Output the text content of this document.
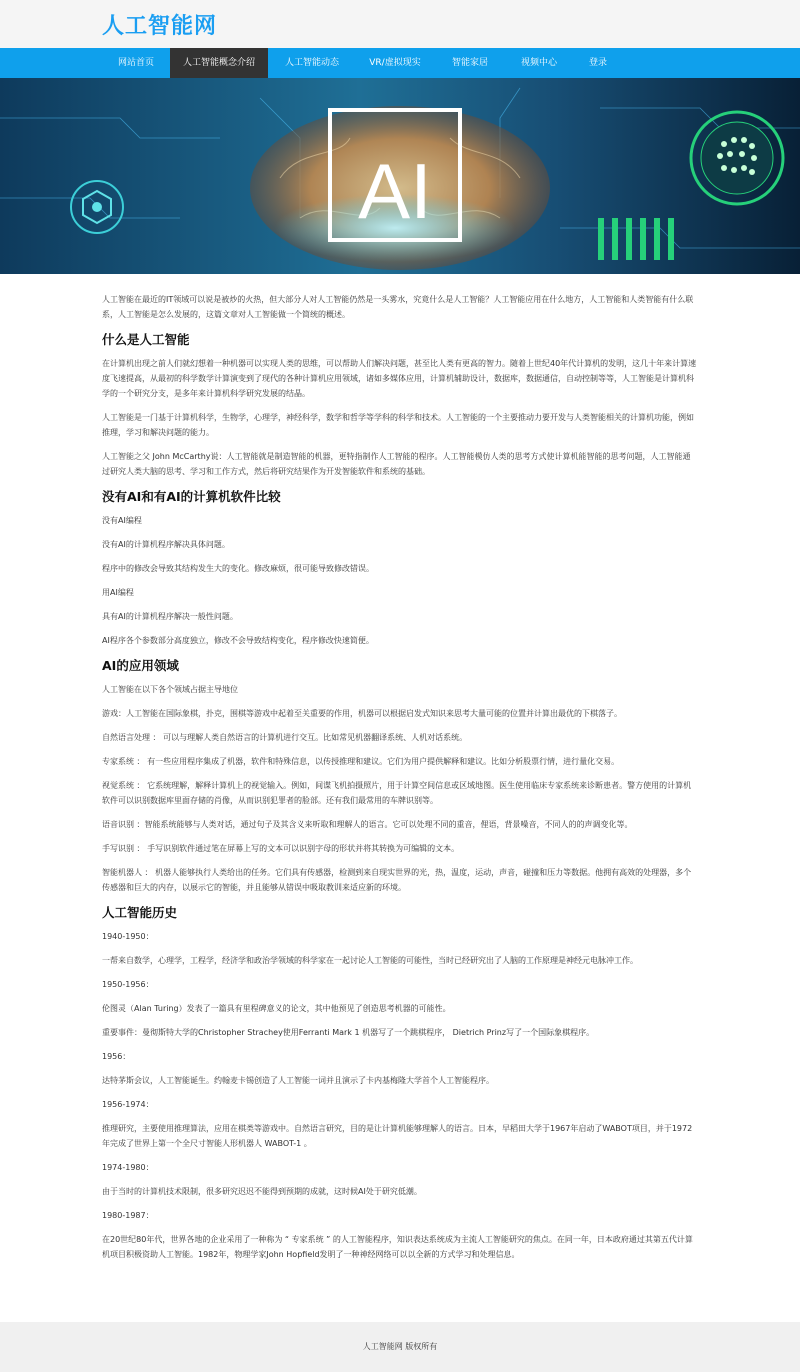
人工智能网
网站首页	人工智能概念介绍	人工智能动态	VR/虚拟现实	智能家居	视频中心	登录
AI

人工智能在最近的IT领域可以说是被炒的火热，但大部分人对人工智能仍然是一头雾水，究竟什么是人工智能？人工智能应用在什么地方，人工智能和人类智能有什么联系，人工智能是怎么发展的，这篇文章对人工智能做一个简统的概述。

什么是人工智能

在计算机出现之前人们就幻想着一种机器可以实现人类的思维，可以帮助人们解决问题，甚至比人类有更高的智力。随着上世纪40年代计算机的发明，这几十年来计算速度飞速提高，从最初的科学数学计算演变到了现代的各种计算机应用领域，诸如多媒体应用，计算机辅助设计，数据库，数据通信，自动控制等等，人工智能是计算机科学的一个研究分支，是多年来计算机科学研究发展的结晶。

人工智能是一门基于计算机科学，生物学，心理学，神经科学，数学和哲学等学科的科学和技术。人工智能的一个主要推动力要开发与人类智能相关的计算机功能，例如推理，学习和解决问题的能力。

人工智能之父 John McCarthy说：人工智能就是制造智能的机器，更特指制作人工智能的程序。人工智能模仿人类的思考方式使计算机能智能的思考问题，人工智能通过研究人类大脑的思考、学习和工作方式，然后将研究结果作为开发智能软件和系统的基础。

没有AI和有AI的计算机软件比较

没有AI编程

没有AI的计算机程序解决具体问题。

程序中的修改会导致其结构发生大的变化。修改麻烦，很可能导致修改错误。

用AI编程

具有AI的计算机程序解决一般性问题。

AI程序各个参数部分高度独立，修改不会导致结构变化，程序修改快速简便。

AI的应用领域

人工智能在以下各个领域占据主导地位

游戏：人工智能在国际象棋，扑克，围棋等游戏中起着至关重要的作用，机器可以根据启发式知识来思考大量可能的位置并计算出最优的下棋落子。

自然语言处理 ： 可以与理解人类自然语言的计算机进行交互。比如常见机器翻译系统、人机对话系统。

专家系统 ： 有一些应用程序集成了机器，软件和特殊信息，以传授推理和建议。它们为用户提供解释和建议。比如分析股票行情，进行量化交易。

视觉系统 ： 它系统理解，解释计算机上的视觉输入。例如，间谍飞机拍摄照片，用于计算空间信息或区域地图。医生使用临床专家系统来诊断患者。警方使用的计算机软件可以识别数据库里面存储的肖像，从而识别犯罪者的脸部。还有我们最常用的车牌识别等。

语音识别 ：智能系统能够与人类对话，通过句子及其含义来听取和理解人的语言。它可以处理不同的重音，俚语，背景噪音，不同人的的声调变化等。

手写识别 ： 手写识别软件通过笔在屏幕上写的文本可以识别字母的形状并将其转换为可编辑的文本。

智能机器人 ： 机器人能够执行人类给出的任务。它们具有传感器，检测到来自现实世界的光，热，温度，运动，声音，碰撞和压力等数据。他拥有高效的处理器，多个传感器和巨大的内存，以展示它的智能，并且能够从错误中吸取教训来适应新的环境。

人工智能历史

1940-1950：

一帮来自数学，心理学，工程学，经济学和政治学领域的科学家在一起讨论人工智能的可能性，当时已经研究出了人脑的工作原理是神经元电脉冲工作。

1950-1956：

伦图灵（Alan Turing）发表了一篇具有里程碑意义的论文，其中他预见了创造思考机器的可能性。

重要事件：曼彻斯特大学的Christopher Strachey使用Ferranti Mark 1 机器写了一个跳棋程序， Dietrich Prinz写了一个国际象棋程序。

1956：

达特茅斯会议，人工智能诞生。约翰麦卡锡创造了人工智能一词并且演示了卡内基梅隆大学首个人工智能程序。

1956-1974：

推理研究，主要使用推理算法，应用在棋类等游戏中。自然语言研究，目的是让计算机能够理解人的语言。日本，早稻田大学于1967年启动了WABOT项目，并于1972年完成了世界上第一个全尺寸智能人形机器人 WABOT-1 。

1974-1980：

由于当时的计算机技术限制，很多研究迟迟不能得到预期的成就，这时候AI处于研究低潮。

1980-1987：

在20世纪80年代，世界各地的企业采用了一种称为 “ 专家系统 ” 的人工智能程序，知识表达系统成为主流人工智能研究的焦点。在同一年，日本政府通过其第五代计算机项目积极资助人工智能。1982年，物理学家John Hopfield发明了一种神经网络可以以全新的方式学习和处理信息。

人工智能网 版权所有
